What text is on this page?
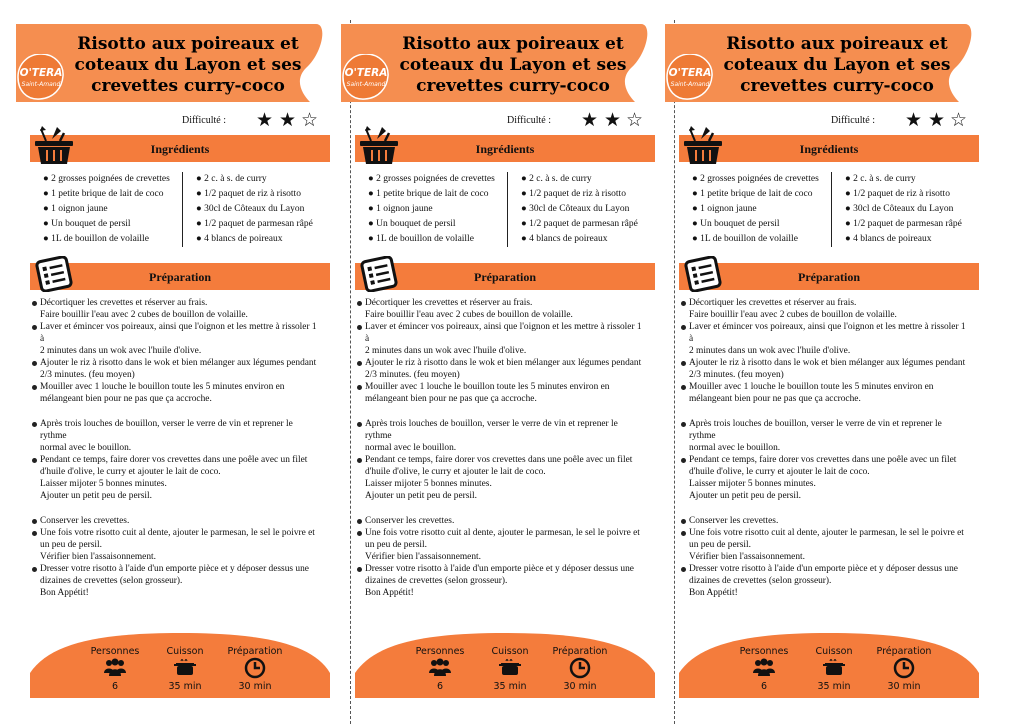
Risotto aux poireaux et
coteaux du Layon et ses
crevettes curry-coco
O'TERA
Saint-Amand
Difficulté : ★ ★ ☆
Ingrédients
● 2 grosses poignées de crevettes
● 1 petite brique de lait de coco
● 1 oignon jaune
● Un bouquet de persil
● 1L de bouillon de volaille
● 2 c. à s. de curry
● 1/2 paquet de riz à risotto
● 30cl de Côteaux du Layon
● 1/2 paquet de parmesan râpé
● 4 blancs de poireaux
Préparation
Décortiquer les crevettes et réserver au frais.
Faire bouillir l'eau avec 2 cubes de bouillon de volaille.
Laver et émincer vos poireaux, ainsi que l'oignon et les mettre à rissoler 1 à
2 minutes dans un wok avec l'huile d'olive.
Ajouter le riz à risotto dans le wok et bien mélanger aux légumes pendant
2/3 minutes. (feu moyen)
Mouiller avec 1 louche le bouillon toute les 5 minutes environ en
mélangeant bien pour ne pas que ça accroche.
Après trois louches de bouillon, verser le verre de vin et reprener le rythme
normal avec le bouillon.
Pendant ce temps, faire dorer vos crevettes dans une poêle avec un filet
d'huile d'olive, le curry et ajouter le lait de coco.
Laisser mijoter 5 bonnes minutes.
Ajouter un petit peu de persil.
Conserver les crevettes.
Une fois votre risotto cuit al dente, ajouter le parmesan, le sel le poivre et
un peu de persil.
Vérifier bien l'assaisonnement.
Dresser votre risotto à l'aide d'un emporte pièce et y déposer dessus une
dizaines de crevettes (selon grosseur).
Bon Appétit!
Personnes	Cuisson	Préparation
6	35 min	30 min
Risotto aux poireaux et
coteaux du Layon et ses
crevettes curry-coco
O'TERA
Saint-Amand
Difficulté : ★ ★ ☆
Ingrédients
● 2 grosses poignées de crevettes
● 1 petite brique de lait de coco
● 1 oignon jaune
● Un bouquet de persil
● 1L de bouillon de volaille
● 2 c. à s. de curry
● 1/2 paquet de riz à risotto
● 30cl de Côteaux du Layon
● 1/2 paquet de parmesan râpé
● 4 blancs de poireaux
Préparation
Décortiquer les crevettes et réserver au frais.
Faire bouillir l'eau avec 2 cubes de bouillon de volaille.
Laver et émincer vos poireaux, ainsi que l'oignon et les mettre à rissoler 1 à
2 minutes dans un wok avec l'huile d'olive.
Ajouter le riz à risotto dans le wok et bien mélanger aux légumes pendant
2/3 minutes. (feu moyen)
Mouiller avec 1 louche le bouillon toute les 5 minutes environ en
mélangeant bien pour ne pas que ça accroche.
Après trois louches de bouillon, verser le verre de vin et reprener le rythme
normal avec le bouillon.
Pendant ce temps, faire dorer vos crevettes dans une poêle avec un filet
d'huile d'olive, le curry et ajouter le lait de coco.
Laisser mijoter 5 bonnes minutes.
Ajouter un petit peu de persil.
Conserver les crevettes.
Une fois votre risotto cuit al dente, ajouter le parmesan, le sel le poivre et
un peu de persil.
Vérifier bien l'assaisonnement.
Dresser votre risotto à l'aide d'un emporte pièce et y déposer dessus une
dizaines de crevettes (selon grosseur).
Bon Appétit!
Personnes	Cuisson	Préparation
6	35 min	30 min
Risotto aux poireaux et
coteaux du Layon et ses
crevettes curry-coco
O'TERA
Saint-Amand
Difficulté : ★ ★ ☆
Ingrédients
● 2 grosses poignées de crevettes
● 1 petite brique de lait de coco
● 1 oignon jaune
● Un bouquet de persil
● 1L de bouillon de volaille
● 2 c. à s. de curry
● 1/2 paquet de riz à risotto
● 30cl de Côteaux du Layon
● 1/2 paquet de parmesan râpé
● 4 blancs de poireaux
Préparation
Décortiquer les crevettes et réserver au frais.
Faire bouillir l'eau avec 2 cubes de bouillon de volaille.
Laver et émincer vos poireaux, ainsi que l'oignon et les mettre à rissoler 1 à
2 minutes dans un wok avec l'huile d'olive.
Ajouter le riz à risotto dans le wok et bien mélanger aux légumes pendant
2/3 minutes. (feu moyen)
Mouiller avec 1 louche le bouillon toute les 5 minutes environ en
mélangeant bien pour ne pas que ça accroche.
Après trois louches de bouillon, verser le verre de vin et reprener le rythme
normal avec le bouillon.
Pendant ce temps, faire dorer vos crevettes dans une poêle avec un filet
d'huile d'olive, le curry et ajouter le lait de coco.
Laisser mijoter 5 bonnes minutes.
Ajouter un petit peu de persil.
Conserver les crevettes.
Une fois votre risotto cuit al dente, ajouter le parmesan, le sel le poivre et
un peu de persil.
Vérifier bien l'assaisonnement.
Dresser votre risotto à l'aide d'un emporte pièce et y déposer dessus une
dizaines de crevettes (selon grosseur).
Bon Appétit!
Personnes	Cuisson	Préparation
6	35 min	30 min
